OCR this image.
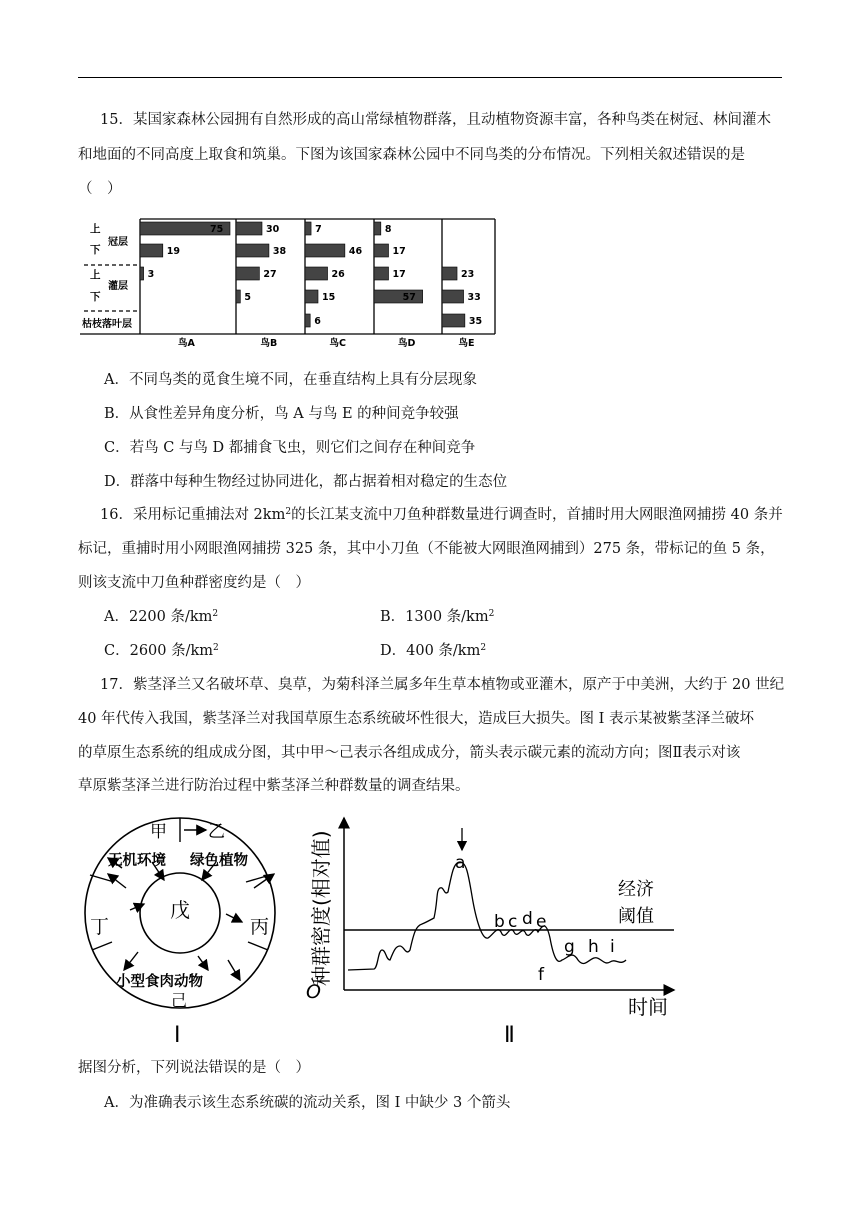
15．某国家森林公园拥有自然形成的高山常绿植物群落，且动植物资源丰富，各种鸟类在树冠、林间灌木
和地面的不同高度上取食和筑巢。下图为该国家森林公园中不同鸟类的分布情况。下列相关叙述错误的是
（　）
75
19
3
30
38
27
5
7
46
26
15
6
8
17
17
57
23
33
35
上
下
冠层
上
下
灌层
枯枝落叶层
鸟A	鸟B	鸟C	鸟D	鸟E
A．不同鸟类的觅食生境不同，在垂直结构上具有分层现象
B．从食性差异角度分析，鸟 A 与鸟 E 的种间竞争较强
C．若鸟 C 与鸟 D 都捕食飞虫，则它们之间存在种间竞争
D．群落中每种生物经过协同进化，都占据着相对稳定的生态位
16．采用标记重捕法对 $2km^2$的长江某支流中刀鱼种群数量进行调查时，首捕时用大网眼渔网捕捞 40 条并
标记，重捕时用小网眼渔网捕捞 325 条，其中小刀鱼（不能被大网眼渔网捕到）275 条，带标记的鱼 5 条，
则该支流中刀鱼种群密度约是（　）
A．2200 条$/km^2$	B．1300 条$/km^2$
C．2600 条$/km^2$	D．400 条$/km^2$
17．紫茎泽兰又名破坏草、臭草，为菊科泽兰属多年生草本植物或亚灌木，原产于中美洲，大约于 20 世纪
40 年代传入我国，紫茎泽兰对我国草原生态系统破坏性很大，造成巨大损失。图 I 表示某被紫茎泽兰破坏
的草原生态系统的组成成分图，其中甲～己表示各组成成分，箭头表示碳元素的流动方向；图Ⅱ表示对该
草原紫茎泽兰进行防治过程中紫茎泽兰种群数量的调查结果。
甲 乙
无机环境 绿色植物
丁
戊
丙
小型食肉动物
己
Ⅰ
a
b c d e
f
g h i
经济
阈值
O
时间
种群密度(相对值)
Ⅱ
据图分析，下列说法错误的是（　）
A．为准确表示该生态系统碳的流动关系，图 I 中缺少 3 个箭头
